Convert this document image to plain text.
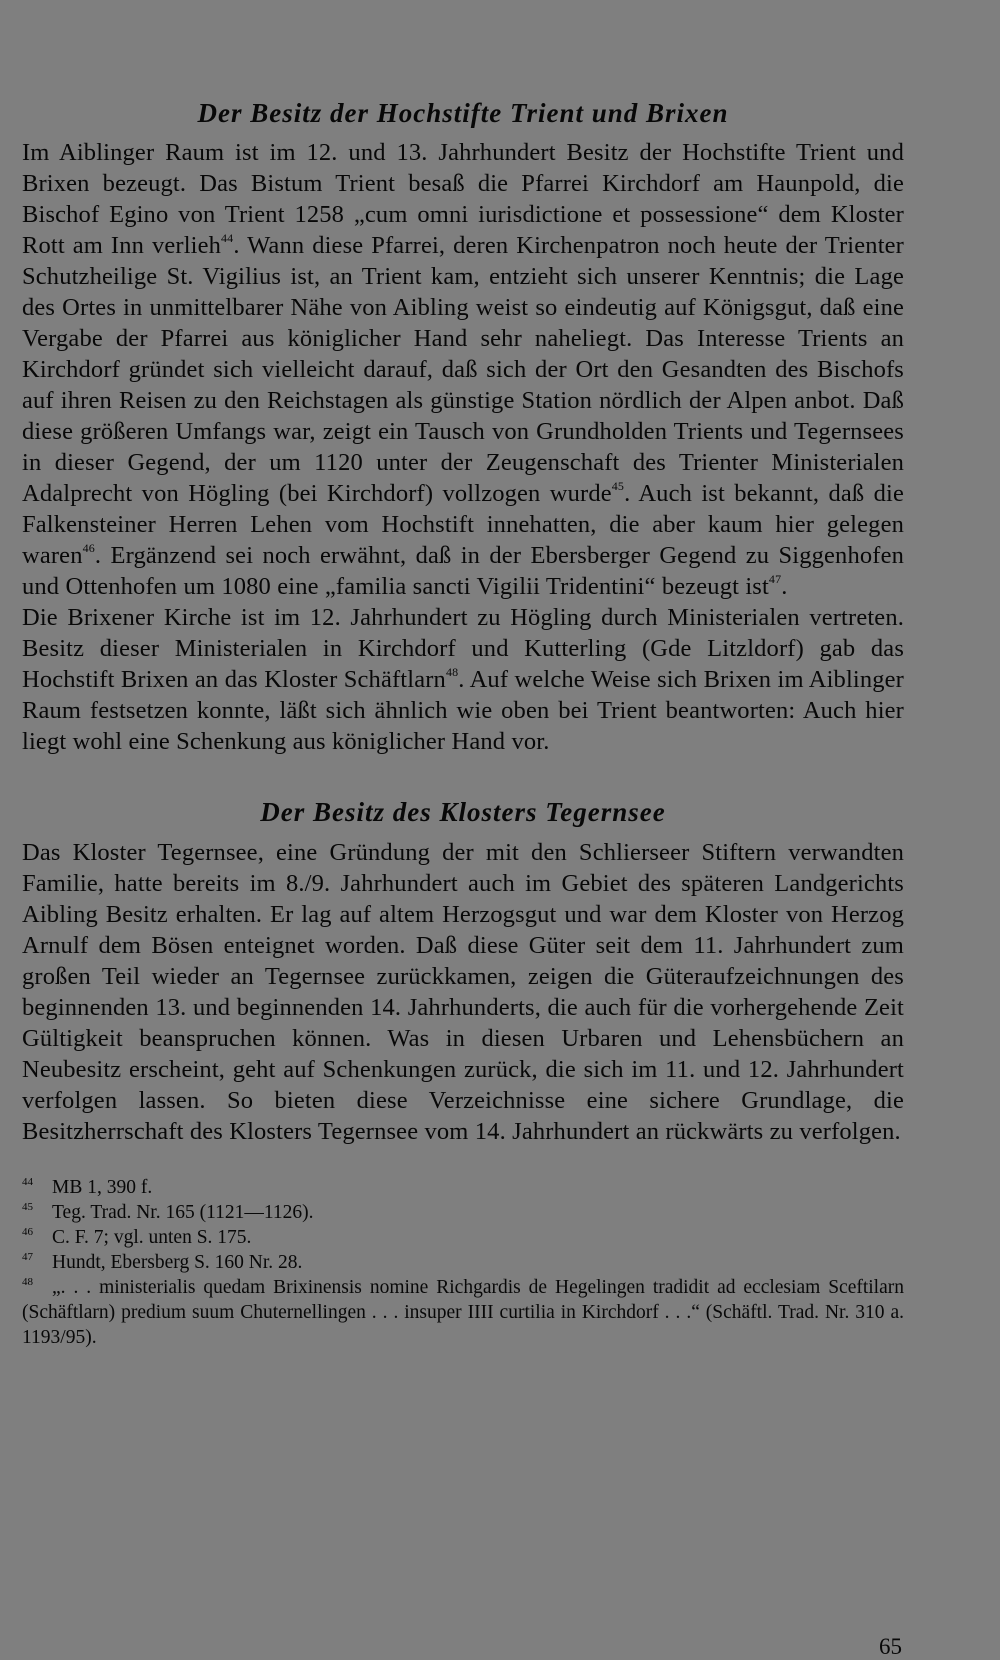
Der Besitz der Hochstifte Trient und Brixen

Im Aiblinger Raum ist im 12. und 13. Jahrhundert Besitz der Hochstifte Trient und Brixen bezeugt. Das Bistum Trient besaß die Pfarrei Kirchdorf am Haunpold, die Bischof Egino von Trient 1258 „cum omni iurisdictione et possessione“ dem Kloster Rott am Inn verlieh$^{44}$. Wann diese Pfarrei, deren Kirchenpatron noch heute der Trienter Schutzheilige St. Vigilius ist, an Trient kam, entzieht sich unserer Kenntnis; die Lage des Ortes in unmittelbarer Nähe von Aibling weist so eindeutig auf Königsgut, daß eine Vergabe der Pfarrei aus königlicher Hand sehr naheliegt. Das Interesse Trients an Kirchdorf gründet sich vielleicht darauf, daß sich der Ort den Gesandten des Bischofs auf ihren Reisen zu den Reichstagen als günstige Station nördlich der Alpen anbot. Daß diese größeren Umfangs war, zeigt ein Tausch von Grundholden Trients und Tegernsees in dieser Gegend, der um 1120 unter der Zeugenschaft des Trienter Ministerialen Adalprecht von Högling (bei Kirchdorf) vollzogen wurde$^{45}$. Auch ist bekannt, daß die Falkensteiner Herren Lehen vom Hochstift innehatten, die aber kaum hier gelegen waren$^{46}$. Ergänzend sei noch erwähnt, daß in der Ebersberger Gegend zu Siggenhofen und Ottenhofen um 1080 eine „familia sancti Vigilii Tridentini“ bezeugt ist$^{47}$.

Die Brixener Kirche ist im 12. Jahrhundert zu Högling durch Ministerialen vertreten. Besitz dieser Ministerialen in Kirchdorf und Kutterling (Gde Litzldorf) gab das Hochstift Brixen an das Kloster Schäftlarn$^{48}$. Auf welche Weise sich Brixen im Aiblinger Raum festsetzen konnte, läßt sich ähnlich wie oben bei Trient beantworten: Auch hier liegt wohl eine Schenkung aus königlicher Hand vor.

Der Besitz des Klosters Tegernsee

Das Kloster Tegernsee, eine Gründung der mit den Schlierseer Stiftern verwandten Familie, hatte bereits im 8./9. Jahrhundert auch im Gebiet des späteren Landgerichts Aibling Besitz erhalten. Er lag auf altem Herzogsgut und war dem Kloster von Herzog Arnulf dem Bösen enteignet worden. Daß diese Güter seit dem 11. Jahrhundert zum großen Teil wieder an Tegernsee zurückkamen, zeigen die Güteraufzeichnungen des beginnenden 13. und beginnenden 14. Jahrhunderts, die auch für die vorhergehende Zeit Gültigkeit beanspruchen können. Was in diesen Urbaren und Lehensbüchern an Neubesitz erscheint, geht auf Schenkungen zurück, die sich im 11. und 12. Jahrhundert verfolgen lassen. So bieten diese Verzeichnisse eine sichere Grundlage, die Besitzherrschaft des Klosters Tegernsee vom 14. Jahrhundert an rückwärts zu verfolgen.

44 MB 1, 390 f.

45 Teg. Trad. Nr. 165 (1121—1126).

46 C. F. 7; vgl. unten S. 175.

47 Hundt, Ebersberg S. 160 Nr. 28.

48 „. . . ministerialis quedam Brixinensis nomine Richgardis de Hegelingen tradidit ad ecclesiam Sceftilarn (Schäftlarn) predium suum Chuternellingen . . . insuper IIII curtilia in Kirchdorf . . .“ (Schäftl. Trad. Nr. 310 a. 1193/95).

65
